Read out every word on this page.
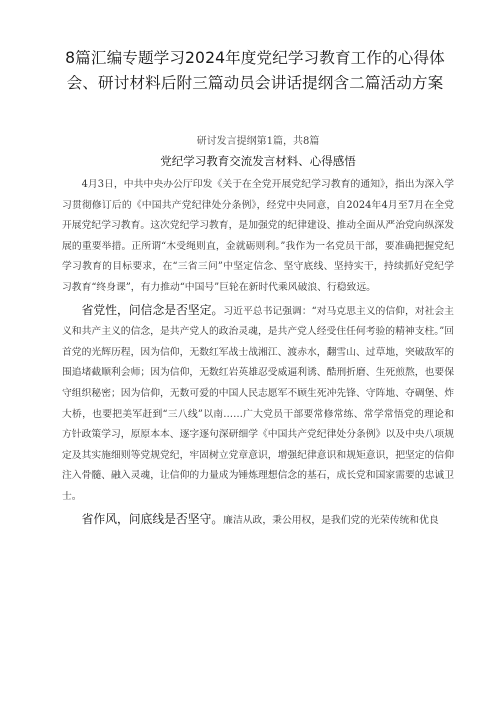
8篇汇编专题学习2024年度党纪学习教育工作的心得体会、研讨材料后附三篇动员会讲话提纲含二篇活动方案
研讨发言提纲第1篇，共8篇
党纪学习教育交流发言材料、心得感悟

4月3日，中共中央办公厅印发《关于在全党开展党纪学习教育的通知》，指出为深入学习贯彻修订后的《中国共产党纪律处分条例》，经党中央同意，自2024年4月至7月在全党开展党纪学习教育。这次党纪学习教育，是加强党的纪律建设、推动全面从严治党向纵深发展的重要举措。正所谓“木受绳则直，金就砺则利。”我作为一名党员干部，要准确把握党纪学习教育的目标要求，在“三省三问”中坚定信念、坚守底线、坚持实干，持续抓好党纪学习教育“终身课”，有力推动“中国号”巨轮在新时代乘风破浪、行稳致远。

省党性，问信念是否坚定。习近平总书记强调：“对马克思主义的信仰，对社会主义和共产主义的信念，是共产党人的政治灵魂，是共产党人经受住任何考验的精神支柱。”回首党的光辉历程，因为信仰，无数红军战士战湘江、渡赤水，翻雪山、过草地，突破敌军的围追堵截顺利会师；因为信仰，无数红岩英雄忍受威逼利诱、酷刑折磨、生死煎熬，也要保守组织秘密；因为信仰，无数可爱的中国人民志愿军不顾生死冲先锋、守阵地、夺碉堡、炸大桥，也要把美军赶到“三八线”以南……广大党员干部要常修常练、常学常悟党的理论和方针政策学习，原原本本、逐字逐句深研细学《中国共产党纪律处分条例》以及中央八项规定及其实施细则等党规党纪，牢固树立党章意识，增强纪律意识和规矩意识，把坚定的信仰注入骨髓、融入灵魂，让信仰的力量成为锤炼理想信念的基石，成长党和国家需要的忠诚卫士。

省作风，问底线是否坚守。廉洁从政，秉公用权，是我们党的光荣传统和优良
